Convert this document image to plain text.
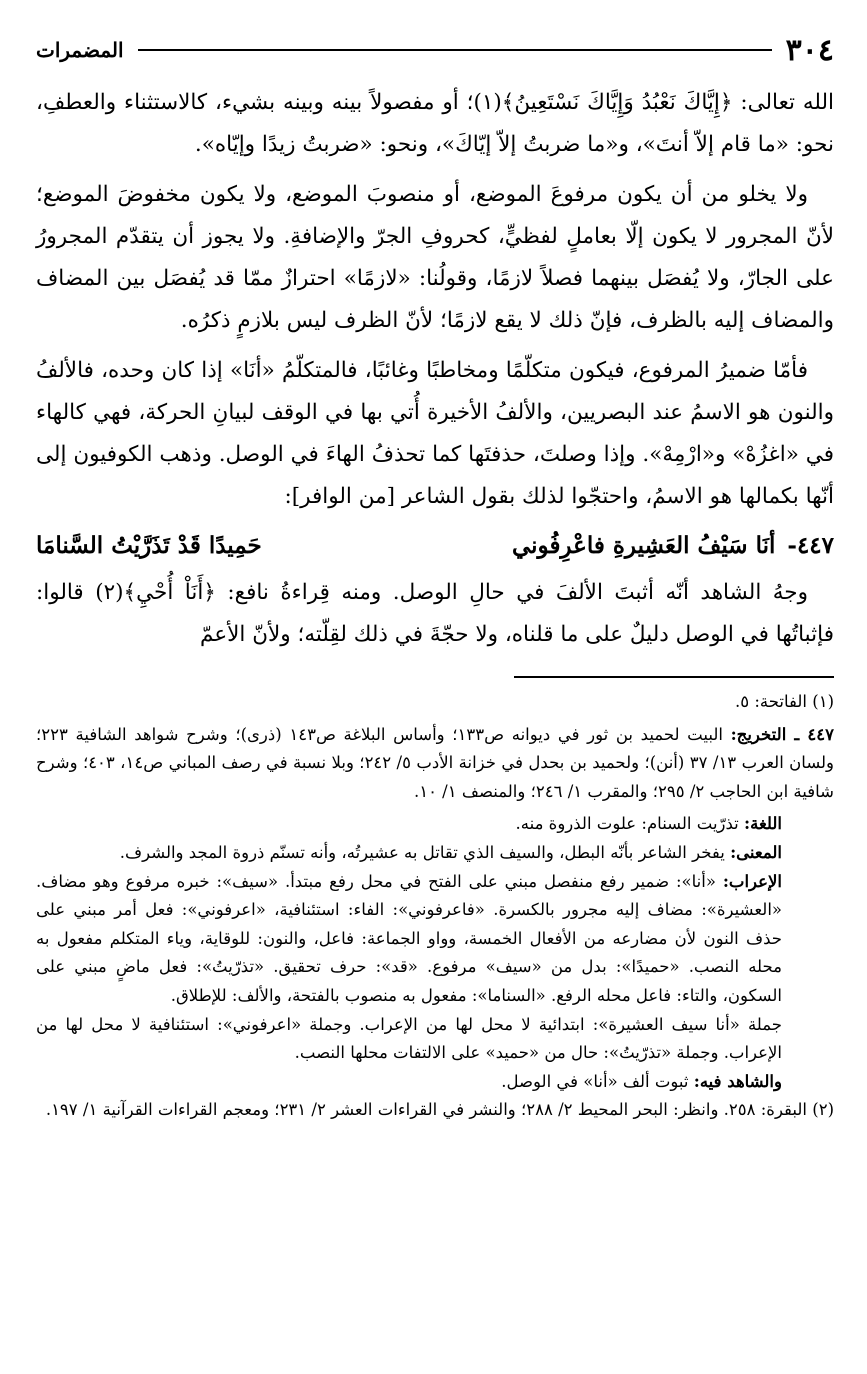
٣٠٤
المضمرات

الله تعالى: ﴿إِيَّاكَ نَعْبُدُ وَإِيَّاكَ نَسْتَعِينُ﴾(١)؛ أو مفصولاً بينه وبينه بشيء، كالاستثناء والعطفِ، نحو: «ما قام إلاّ أنتَ»، و«ما ضربتُ إلاّ إيّاكَ»، ونحو: «ضربتُ زيدًا وإيّاه».

ولا يخلو من أن يكون مرفوعَ الموضع، أو منصوبَ الموضع، ولا يكون مخفوضَ الموضع؛ لأنّ المجرور لا يكون إلّا بعاملٍ لفظيٍّ، كحروفِ الجرّ والإضافةِ. ولا يجوز أن يتقدّم المجرورُ على الجارّ، ولا يُفصَل بينهما فصلاً لازمًا، وقولُنا: «لازمًا» احترازٌ ممّا قد يُفصَل بين المضاف والمضاف إليه بالظرف، فإنّ ذلك لا يقع لازمًا؛ لأنّ الظرف ليس بلازمٍ ذكرُه.

فأمّا ضميرُ المرفوع، فيكون متكلّمًا ومخاطبًا وغائبًا، فالمتكلّمُ «أنَا» إذا كان وحده، فالألفُ والنون هو الاسمُ عند البصريين، والألفُ الأخيرة أُتي بها في الوقف لبيانِ الحركة، فهي كالهاء في «اغزُهْ» و«ارْمِهْ». وإذا وصلتَ، حذفتَها كما تحذفُ الهاءَ في الوصل. وذهب الكوفيون إلى أنّها بكمالها هو الاسمُ، واحتجّوا لذلك بقول الشاعر [من الوافر]:

٤٤٧-أنَا سَيْفُ العَشِيرةِ فاعْرِفُوني
حَمِيدًا قَدْ تَذَرَّيْتُ السَّنامَا

وجهُ الشاهد أنّه أثبتَ الألفَ في حالِ الوصل. ومنه قِراءةُ نافع: ﴿أَنَاْ أُحْيِ﴾(٢) قالوا: فإثباتُها في الوصل دليلٌ على ما قلناه، ولا حجّةَ في ذلك لقِلّته؛ ولأنّ الأعمّ

(١) الفاتحة: ٥.

٤٤٧ ـ التخريج: البيت لحميد بن ثور في ديوانه ص١٣٣؛ وأساس البلاغة ص١٤٣ (ذرى)؛ وشرح شواهد الشافية ٢٢٣؛ ولسان العرب ١٣/ ٣٧ (أنن)؛ ولحميد بن بحدل في خزانة الأدب ٥/ ٢٤٢؛ وبلا نسبة في رصف المباني ص١٤، ٤٠٣؛ وشرح شافية ابن الحاجب ٢/ ٢٩٥؛ والمقرب ١/ ٢٤٦؛ والمنصف ١/ ١٠.

اللغة: تذرّيت السنام: علوت الذروة منه.

المعنى: يفخر الشاعر بأنّه البطل، والسيف الذي تقاتل به عشيرتُه، وأنه تسنّم ذروة المجد والشرف.

الإعراب: «أنا»: ضمير رفع منفصل مبني على الفتح في محل رفع مبتدأ. «سيف»: خبره مرفوع وهو مضاف. «العشيرة»: مضاف إليه مجرور بالكسرة. «فاعرفوني»: الفاء: استئنافية، «اعرفوني»: فعل أمر مبني على حذف النون لأن مضارعه من الأفعال الخمسة، وواو الجماعة: فاعل، والنون: للوقاية، وياء المتكلم مفعول به محله النصب. «حميدًا»: بدل من «سيف» مرفوع. «قد»: حرف تحقيق. «تذرّيتُ»: فعل ماضٍ مبني على السكون، والتاء: فاعل محله الرفع. «السناما»: مفعول به منصوب بالفتحة، والألف: للإطلاق.

جملة «أنا سيف العشيرة»: ابتدائية لا محل لها من الإعراب. وجملة «اعرفوني»: استئنافية لا محل لها من الإعراب. وجملة «تذرّيتُ»: حال من «حميد» على الالتفات محلها النصب.

والشاهد فيه: ثبوت ألف «أنا» في الوصل.

(٢) البقرة: ٢٥٨. وانظر: البحر المحيط ٢/ ٢٨٨؛ والنشر في القراءات العشر ٢/ ٢٣١؛ ومعجم القراءات القرآنية ١/ ١٩٧.
